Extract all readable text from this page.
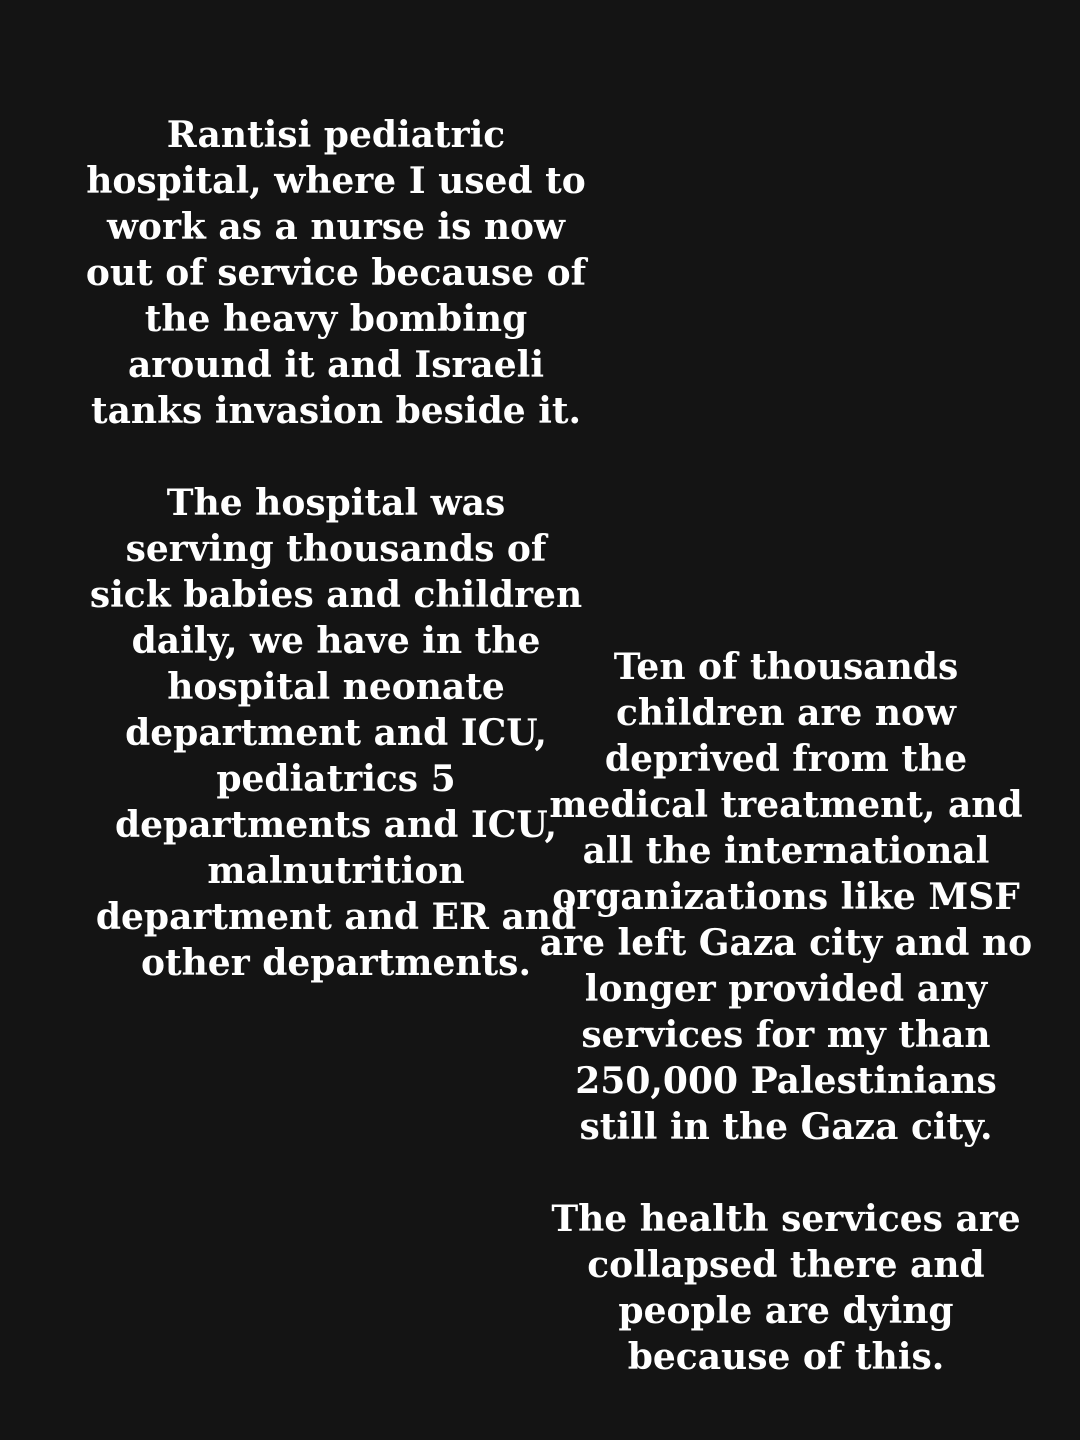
Rantisi pediatric
hospital, where I used to
work as a nurse is now
out of service because of
the heavy bombing
around it and Israeli
tanks invasion beside it.
The hospital was
serving thousands of
sick babies and children
daily, we have in the
hospital neonate
department and ICU,
pediatrics 5
departments and ICU,
malnutrition
department and ER and
other departments.
Ten of thousands
children are now
deprived from the
medical treatment, and
all the international
organizations like MSF
are left Gaza city and no
longer provided any
services for my than
250,000 Palestinians
still in the Gaza city.
The health services are
collapsed there and
people are dying
because of this.
